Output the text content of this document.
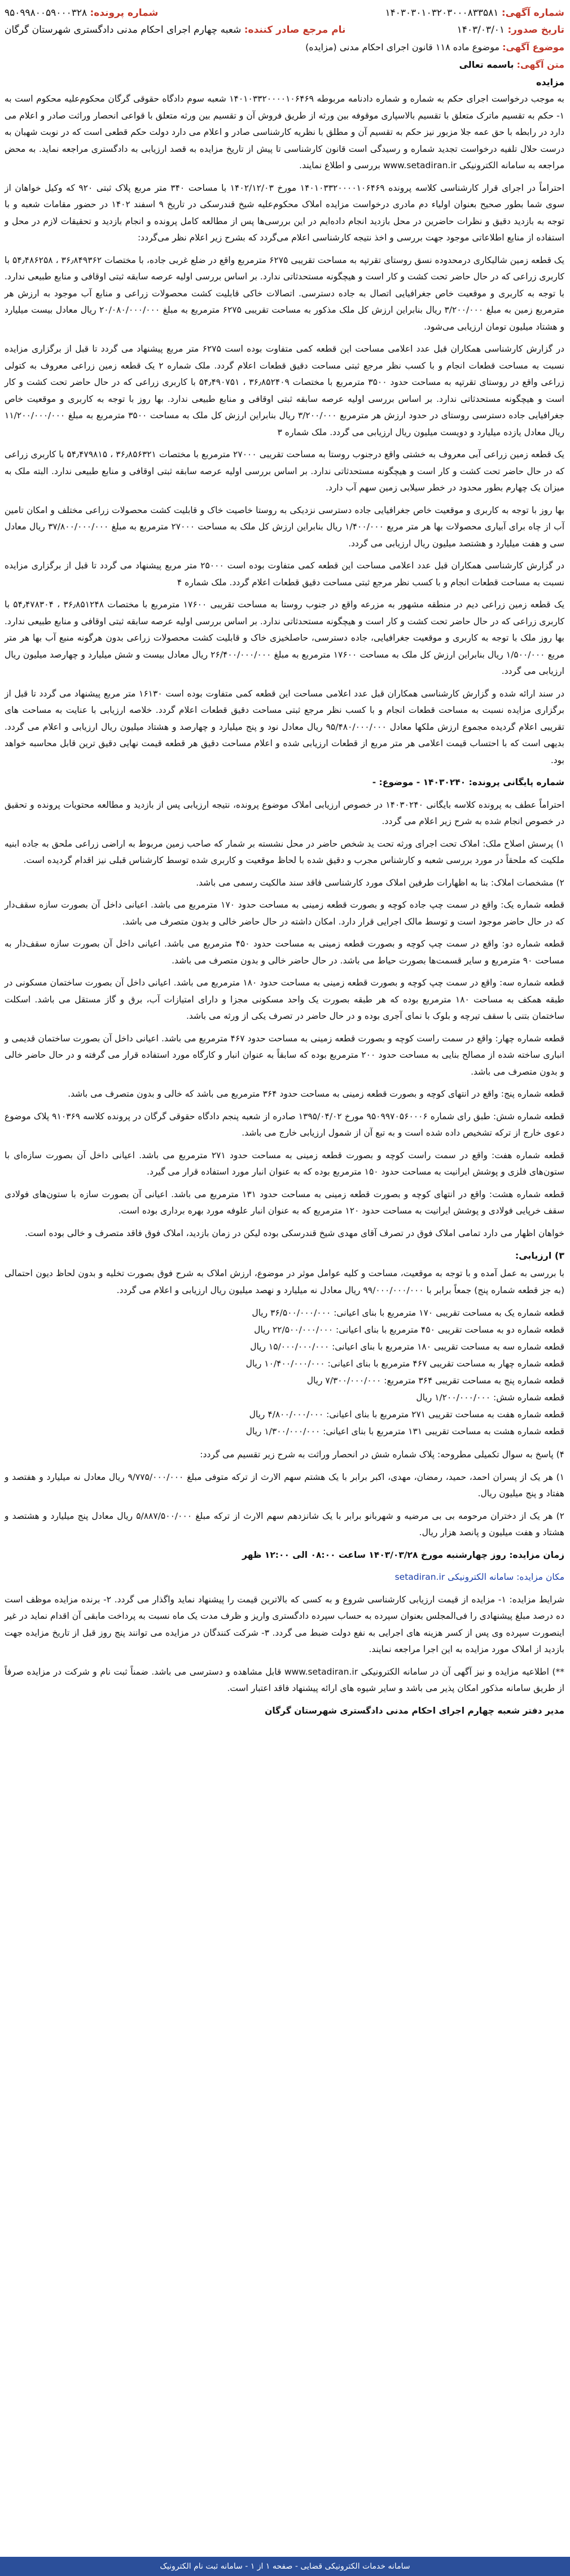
شماره آگهی: ۱۴۰۳۰۳۰۱۰۳۲۰۳۰۰۰۸۳۳۵۸۱
تاریخ صدور: ۱۴۰۳/۰۳/۰۱
شماره پرونده: ۹۵۰۹۹۸۰۰۵۹۰۰۰۳۲۸
نام مرجع صادر کننده: شعبه چهارم اجرای احکام مدنی دادگستری شهرستان گرگان
موضوع آگهی: موضوع ماده ۱۱۸ قانون اجرای احکام مدنی (مزایده)
متن آگهی: باسمه تعالی
مزایده

به موجب درخواست اجرای حکم به شماره و شماره دادنامه مربوطه ۱۴۰۱۰۳۳۲۰۰۰۰۱۰۶۴۶۹ شعبه سوم دادگاه حقوقی گرگان محکوم‌علیه محکوم است به ۱- حکم به تقسیم ماترک متعلق با تقسیم بالاسپاری موقوفه بین ورثه از طریق فروش آن و تقسیم بین ورثه متعلق با قواعی انحصار وراثت صادر و اعلام می دارد در رابطه با حق عمه جلا مزبور نیز حکم به تقسیم آن و مطلق با نظریه کارشناسی صادر و اعلام می دارد دولت حکم قطعی است که در نوبت شهبان به درست حلال تلفیه درخواست تجدید شماره و رسیدگی است قانون کارشناسی تا پیش از تاریخ مزایده به قصد ارزیابی به دادگستری مراجعه نماید. به محض مراجعه به سامانه الکترونیکی www.setadiran.ir بررسی و اطلاع نمایند.

احتراماً در اجرای قرار کارشناسی کلاسه پرونده ۱۴۰۱۰۳۳۲۰۰۰۰۱۰۶۴۶۹ مورخ ۱۴۰۲/۱۲/۰۳ با مساحت ۳۴۰ متر مربع پلاک ثبتی ۹۲۰ که وکیل خواهان از سوی شما بطور صحیح بعنوان اولیاء دم مادری درخواست مزایده املاک محکوم‌علیه شیخ قندرسکی در تاریخ ۹ اسفند ۱۴۰۲ در حضور مقامات شعبه و با توجه به بازدید دقیق و نظرات حاضرین در محل بازدید انجام داده‌ایم در این بررسی‌ها پس از مطالعه کامل پرونده و انجام بازدید و تحقیقات لازم در محل و استفاده از منابع اطلاعاتی موجود جهت بررسی و اخذ نتیجه کارشناسی اعلام می‌گردد که بشرح زیر اعلام نظر می‌گردد:

یک قطعه زمین شالیکاری درمحدوده نسق روستای تقرتپه به مساحت تقریبی ۶۲۷۵ مترمربع واقع در ضلع غربی جاده، با مختصات ۳۶٫۸۴۹۳۶۲ ، ۵۴٫۴۸۶۲۵۸ با کاربری زراعی که در حال حاضر تحت کشت و کار است و هیچگونه مستحدثاتی ندارد. بر اساس بررسی اولیه عرصه سابقه ثبتی اوقافی و منابع طبیعی ندارد. با توجه به کاربری و موقعیت خاص جغرافیایی اتصال به جاده دسترسی. اتصالات خاکی قابلیت کشت محصولات زراعی و منابع آب موجود به ارزش هر مترمربع زمین به مبلغ ۳/۲۰۰/۰۰۰ ریال بنابراین ارزش کل ملک مذکور به مساحت تقریبی ۶۲۷۵ مترمربع به مبلغ ۲۰/۰۸۰/۰۰۰/۰۰۰ ریال معادل بیست میلیارد و هشتاد میلیون تومان ارزیابی می‌شود.

در گزارش کارشناسی همکاران قبل عدد اعلامی مساحت این قطعه کمی متفاوت بوده است ۶۲۷۵ متر مربع پیشنهاد می گردد تا قبل از برگزاری مزایده نسبت به مساحت قطعات انجام و با کسب نظر مرجع ثبتی مساحت دقیق قطعات اعلام گردد. ملک شماره ۲ یک قطعه زمین زراعی معروف به کتولی زراعی واقع در روستای تقرتپه به مساحت حدود ۳۵۰۰ مترمربع با مختصات ۳۶٫۸۵۲۴۰۹ ، ۵۴٫۴۹۰۷۵۱ با کاربری زراعی که در حال حاضر تحت کشت و کار است و هیچگونه مستحدثاتی ندارد. بر اساس بررسی اولیه عرصه سابقه ثبتی اوقافی و منابع طبیعی ندارد. بها روز با توجه به کاربری و موقعیت خاص جغرافیایی جاده دسترسی روستای در حدود ارزش هر مترمربع ۳/۲۰۰/۰۰۰ ریال بنابراین ارزش کل ملک به مساحت ۳۵۰۰ مترمربع به مبلغ ۱۱/۲۰۰/۰۰۰/۰۰۰ ریال معادل یازده میلیارد و دویست میلیون ریال ارزیابی می گردد. ملک شماره ۳

یک قطعه زمین زراعی آبی معروف به خشتی واقع درجنوب روستا به مساحت تقریبی ۲۷۰۰۰ مترمربع با مختصات ۳۶٫۸۵۶۳۲۱ ، ۵۴٫۴۷۹۸۱۵ با کاربری زراعی که در حال حاضر تحت کشت و کار است و هیچگونه مستحدثاتی ندارد. بر اساس بررسی اولیه عرصه سابقه ثبتی اوقافی و منابع طبیعی ندارد. البته ملک به میزان یک چهارم بطور محدود در خطر سیلابی زمین سهم آب دارد.

بها روز با توجه به کاربری و موقعیت خاص جغرافیایی جاده دسترسی نزدیکی به روستا خاصیت خاک و قابلیت کشت محصولات زراعی مختلف و امکان تامین آب از چاه برای آبیاری محصولات بها هر متر مربع ۱/۴۰۰/۰۰۰ ریال بنابراین ارزش کل ملک به مساحت ۲۷۰۰۰ مترمربع به مبلغ ۳۷/۸۰۰/۰۰۰/۰۰۰ ریال معادل سی و هفت میلیارد و هشتصد میلیون ریال ارزیابی می گردد.

در گزارش کارشناسی همکاران قبل عدد اعلامی مساحت این قطعه کمی متفاوت بوده است ۲۵۰۰۰ متر مربع پیشنهاد می گردد تا قبل از برگزاری مزایده نسبت به مساحت قطعات انجام و با کسب نظر مرجع ثبتی مساحت دقیق قطعات اعلام گردد. ملک شماره ۴

یک قطعه زمین زراعی دیم در منطقه مشهور به مزرعه واقع در جنوب روستا به مساحت تقریبی ۱۷۶۰۰ مترمربع با مختصات ۳۶٫۸۵۱۲۴۸ ، ۵۴٫۴۷۸۳۰۴ با کاربری زراعی که در حال حاضر تحت کشت و کار است و هیچگونه مستحدثاتی ندارد. بر اساس بررسی اولیه عرصه سابقه ثبتی اوقافی و منابع طبیعی ندارد. بها روز ملک با توجه به کاربری و موقعیت جغرافیایی، جاده دسترسی، حاصلخیزی خاک و قابلیت کشت محصولات زراعی بدون هرگونه منبع آب بها هر متر مربع ۱/۵۰۰/۰۰۰ ریال بنابراین ارزش کل ملک به مساحت ۱۷۶۰۰ مترمربع به مبلغ ۲۶/۴۰۰/۰۰۰/۰۰۰ ریال معادل بیست و شش میلیارد و چهارصد میلیون ریال ارزیابی می گردد.

در سند ارائه شده و گزارش کارشناسی همکاران قبل عدد اعلامی مساحت این قطعه کمی متفاوت بوده است ۱۶۱۳۰ متر مربع پیشنهاد می گردد تا قبل از برگزاری مزایده نسبت به مساحت قطعات انجام و با کسب نظر مرجع ثبتی مساحت دقیق قطعات اعلام گردد. خلاصه ارزیابی با عنایت به مساحت های تقریبی اعلام گردیده مجموع ارزش ملکها معادل ۹۵/۴۸۰/۰۰۰/۰۰۰ ریال معادل نود و پنج میلیارد و چهارصد و هشتاد میلیون ریال ارزیابی و اعلام می گردد. بدیهی است که با احتساب قیمت اعلامی هر متر مربع از قطعات ارزیابی شده و اعلام مساحت دقیق هر قطعه قیمت نهایی دقیق ترین قابل محاسبه خواهد بود.

شماره پایگانی پرونده: ۱۴۰۳۰۲۴۰ - موضوع: -

احتراماً عطف به پرونده کلاسه بایگانی ۱۴۰۳۰۲۴۰ در خصوص ارزیابی املاک موضوع پرونده، نتیجه ارزیابی پس از بازدید و مطالعه محتویات پرونده و تحقیق در خصوص انجام شده به شرح زیر اعلام می گردد.

۱) پرسش اصلاح ملک: املاک تحت اجرای ورثه تحت ید شخص حاضر در محل نشسته بر شمار که صاحب زمین مربوط به اراضی زراعی ملحق به جاده ابنیه ملکیت که ملحقاً در مورد بررسی شعبه و کارشناس مجرب و دقیق شده با لحاظ موقعیت و کاربری شده توسط کارشناس قبلی نیز اقدام گردیده است.

۲) مشخصات املاک: بنا به اظهارات طرفین املاک مورد کارشناسی فاقد سند مالکیت رسمی می باشد.

قطعه شماره یک: واقع در سمت چپ جاده کوچه و بصورت قطعه زمینی به مساحت حدود ۱۷۰ مترمربع می باشد. اعیانی داخل آن بصورت سازه سقف‌دار که در حال حاضر موجود است و توسط مالک اجرایی قرار دارد. امکان داشته در حال حاضر خالی و بدون متصرف می باشد.

قطعه شماره دو: واقع در سمت چپ کوچه و بصورت قطعه زمینی به مساحت حدود ۴۵۰ مترمربع می باشد. اعیانی داخل آن بصورت سازه سقف‌دار به مساحت ۹۰ مترمربع و سایر قسمت‌ها بصورت حیاط می باشد. در حال حاضر خالی و بدون متصرف می باشد.

قطعه شماره سه: واقع در سمت چپ کوچه و بصورت قطعه زمینی به مساحت حدود ۱۸۰ مترمربع می باشد. اعیانی داخل آن بصورت ساختمان مسکونی در طبقه همکف به مساحت ۱۸۰ مترمربع بوده که هر طبقه بصورت یک واحد مسکونی مجزا و دارای امتیازات آب، برق و گاز مستقل می باشد. اسکلت ساختمان بتنی با سقف تیرچه و بلوک با نمای آجری بوده و در حال حاضر در تصرف یکی از ورثه می باشد.

قطعه شماره چهار: واقع در سمت راست کوچه و بصورت قطعه زمینی به مساحت حدود ۴۶۷ مترمربع می باشد. اعیانی داخل آن بصورت ساختمان قدیمی و انباری ساخته شده از مصالح بنایی به مساحت حدود ۲۰۰ مترمربع بوده که سابقاً به عنوان انبار و کارگاه مورد استفاده قرار می گرفته و در حال حاضر خالی و بدون متصرف می باشد.

قطعه شماره پنج: واقع در انتهای کوچه و بصورت قطعه زمینی به مساحت حدود ۳۶۴ مترمربع می باشد که خالی و بدون متصرف می باشد.

قطعه شماره شش: طبق رای شماره ۹۵۰۹۹۷۰۵۶۰۰۰۶ مورخ ۱۳۹۵/۰۴/۰۲ صادره از شعبه پنجم دادگاه حقوقی گرگان در پرونده کلاسه ۹۱۰۳۶۹ پلاک موضوع دعوی خارج از ترکه تشخیص داده شده است و به تبع آن از شمول ارزیابی خارج می باشد.

قطعه شماره هفت: واقع در سمت راست کوچه و بصورت قطعه زمینی به مساحت حدود ۲۷۱ مترمربع می باشد. اعیانی داخل آن بصورت سازه‌ای با ستون‌های فلزی و پوشش ایرانیت به مساحت حدود ۱۵۰ مترمربع بوده که به عنوان انبار مورد استفاده قرار می گیرد.

قطعه شماره هشت: واقع در انتهای کوچه و بصورت قطعه زمینی به مساحت حدود ۱۳۱ مترمربع می باشد. اعیانی آن بصورت سازه با ستون‌های فولادی سقف خرپایی فولادی و پوشش ایرانیت به مساحت حدود ۱۲۰ مترمربع که به عنوان انبار علوفه مورد بهره برداری بوده است.

خواهان اظهار می دارد تمامی املاک فوق در تصرف آقای مهدی شیخ قندرسکی بوده لیکن در زمان بازدید، املاک فوق فاقد متصرف و خالی بوده است.

۳) ارزیابی:

با بررسی به عمل آمده و با توجه به موقعیت، مساحت و کلیه عوامل موثر در موضوع، ارزش املاک به شرح فوق بصورت تخلیه و بدون لحاظ دیون احتمالی (به جز قطعه شماره پنج) جمعاً برابر با ۹۹/۰۰۰/۰۰۰/۰۰۰ ریال معادل نه میلیارد و نهصد میلیون ریال ارزیابی و اعلام می گردد.

قطعه شماره یک به مساحت تقریبی ۱۷۰ مترمربع با بنای اعیانی: ۳۶/۵۰۰/۰۰۰/۰۰۰ ریال
قطعه شماره دو به مساحت تقریبی ۴۵۰ مترمربع با بنای اعیانی: ۲۲/۵۰۰/۰۰۰/۰۰۰ ریال
قطعه شماره سه به مساحت تقریبی ۱۸۰ مترمربع با بنای اعیانی: ۱۵/۰۰۰/۰۰۰/۰۰۰ ریال
قطعه شماره چهار به مساحت تقریبی ۴۶۷ مترمربع با بنای اعیانی: ۱۰/۴۰۰/۰۰۰/۰۰۰ ریال
قطعه شماره پنج به مساحت تقریبی ۳۶۴ مترمربع: ۷/۳۰۰/۰۰۰/۰۰۰ ریال
قطعه شماره شش: ۱/۲۰۰/۰۰۰/۰۰۰ ریال
قطعه شماره هفت به مساحت تقریبی ۲۷۱ مترمربع با بنای اعیانی: ۴/۸۰۰/۰۰۰/۰۰۰ ریال
قطعه شماره هشت به مساحت تقریبی ۱۳۱ مترمربع با بنای اعیانی: ۱/۳۰۰/۰۰۰/۰۰۰ ریال

۴) پاسخ به سوال تکمیلی مطروحه: پلاک شماره شش در انحصار وراثت به شرح زیر تقسیم می گردد:

۱) هر یک از پسران احمد، حمید، رمضان، مهدی، اکبر برابر با یک هشتم سهم الارث از ترکه متوفی مبلغ ۹/۷۷۵/۰۰۰/۰۰۰ ریال معادل نه میلیارد و هفتصد و هفتاد و پنج میلیون ریال.

۲) هر یک از دختران مرحومه بی بی مرضیه و شهربانو برابر با یک شانزدهم سهم الارث از ترکه مبلغ ۵/۸۸۷/۵۰۰/۰۰۰ ریال معادل پنج میلیارد و هشتصد و هشتاد و هفت میلیون و پانصد هزار ریال.

زمان مزایده: روز چهارشنبه مورخ ۱۴۰۳/۰۳/۲۸ ساعت ۰۸:۰۰ الی ۱۲:۰۰ ظهر

مکان مزایده: سامانه الکترونیکی setadiran.ir

شرایط مزایده: ۱- مزایده از قیمت ارزیابی کارشناسی شروع و به کسی که بالاترین قیمت را پیشنهاد نماید واگذار می گردد. ۲- برنده مزایده موظف است ده درصد مبلغ پیشنهادی را فی‌المجلس بعنوان سپرده به حساب سپرده دادگستری واریز و ظرف مدت یک ماه نسبت به پرداخت مابقی آن اقدام نماید در غیر اینصورت سپرده وی پس از کسر هزینه های اجرایی به نفع دولت ضبط می گردد. ۳- شرکت کنندگان در مزایده می توانند پنج روز قبل از تاریخ مزایده جهت بازدید از املاک مورد مزایده به این اجرا مراجعه نمایند.

**) اطلاعیه مزایده و نیز آگهی آن در سامانه الکترونیکی www.setadiran.ir قابل مشاهده و دسترسی می باشد. ضمناً ثبت نام و شرکت در مزایده صرفاً از طریق سامانه مذکور امکان پذیر می باشد و سایر شیوه های ارائه پیشنهاد فاقد اعتبار است.

مدیر دفتر شعبه چهارم اجرای احکام مدنی دادگستری شهرستان گرگان

سامانه خدمات الکترونیکی قضایی - صفحه ۱ از ۱ - سامانه ثبت نام الکترونیک
